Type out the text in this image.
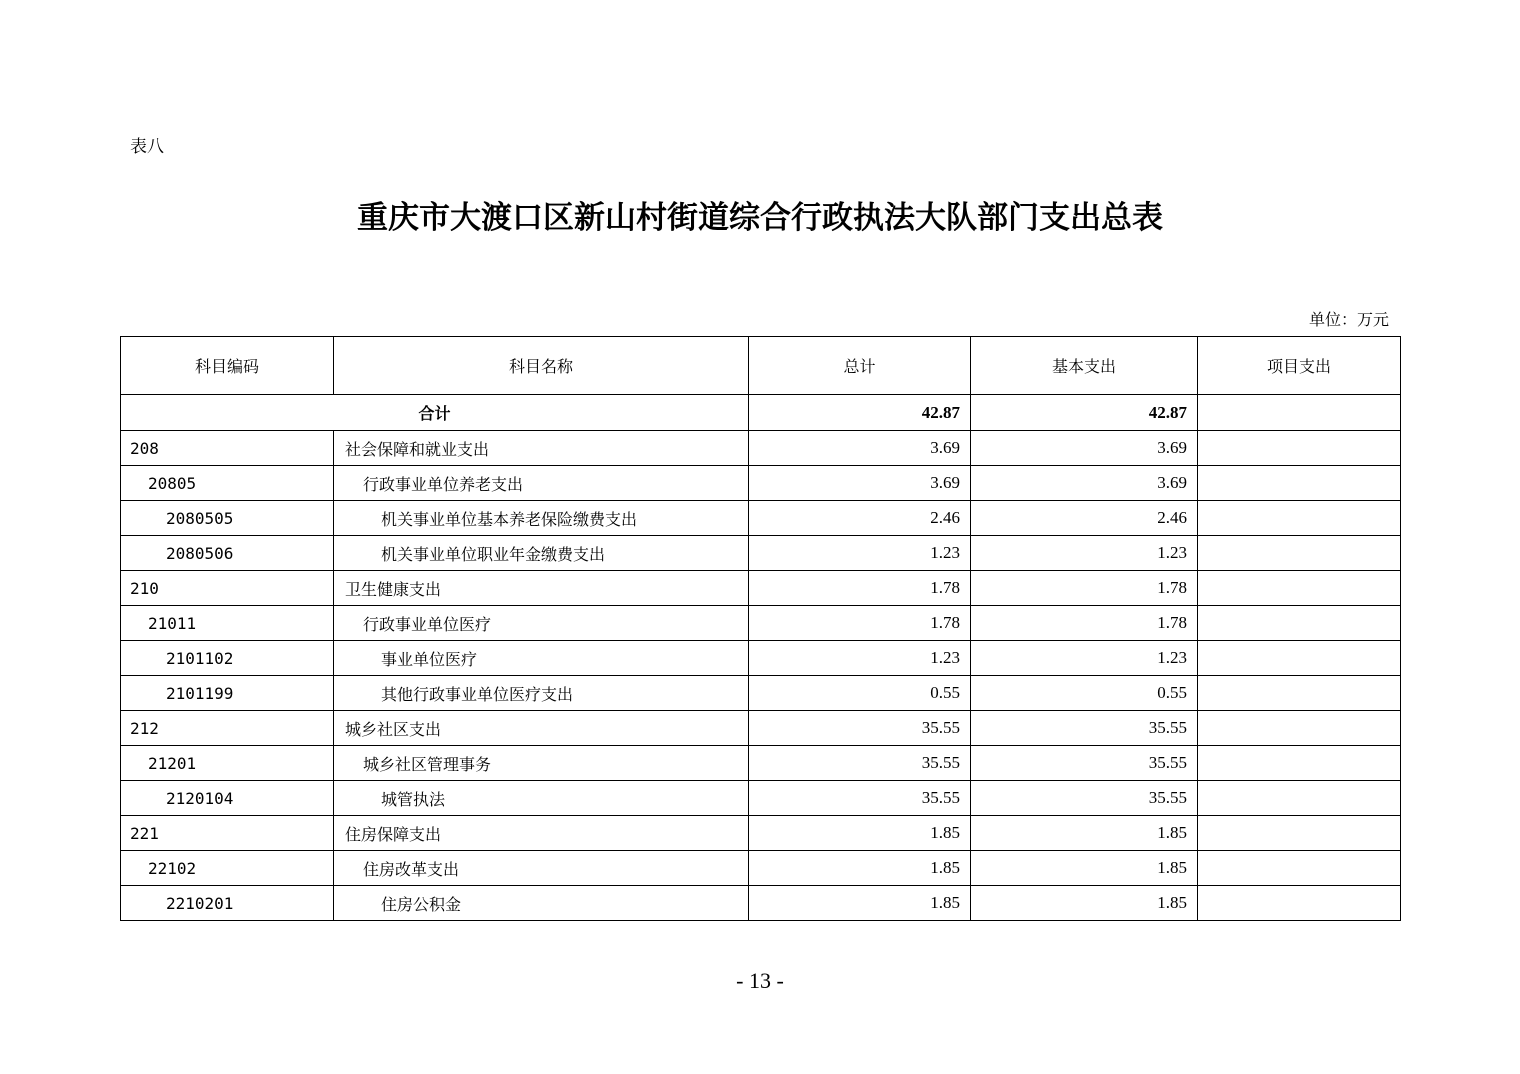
表八
重庆市大渡口区新山村街道综合行政执法大队部门支出总表
单位：万元
科目编码	科目名称	总计	基本支出	项目支出
合计		42.87	42.87	
208	社会保障和就业支出	3.69	3.69	
20805	行政事业单位养老支出	3.69	3.69	
2080505	机关事业单位基本养老保险缴费支出	2.46	2.46	
2080506	机关事业单位职业年金缴费支出	1.23	1.23	
210	卫生健康支出	1.78	1.78	
21011	行政事业单位医疗	1.78	1.78	
2101102	事业单位医疗	1.23	1.23	
2101199	其他行政事业单位医疗支出	0.55	0.55	
212	城乡社区支出	35.55	35.55	
21201	城乡社区管理事务	35.55	35.55	
2120104	城管执法	35.55	35.55	
221	住房保障支出	1.85	1.85	
22102	住房改革支出	1.85	1.85	
2210201	住房公积金	1.85	1.85	
- 13 -
